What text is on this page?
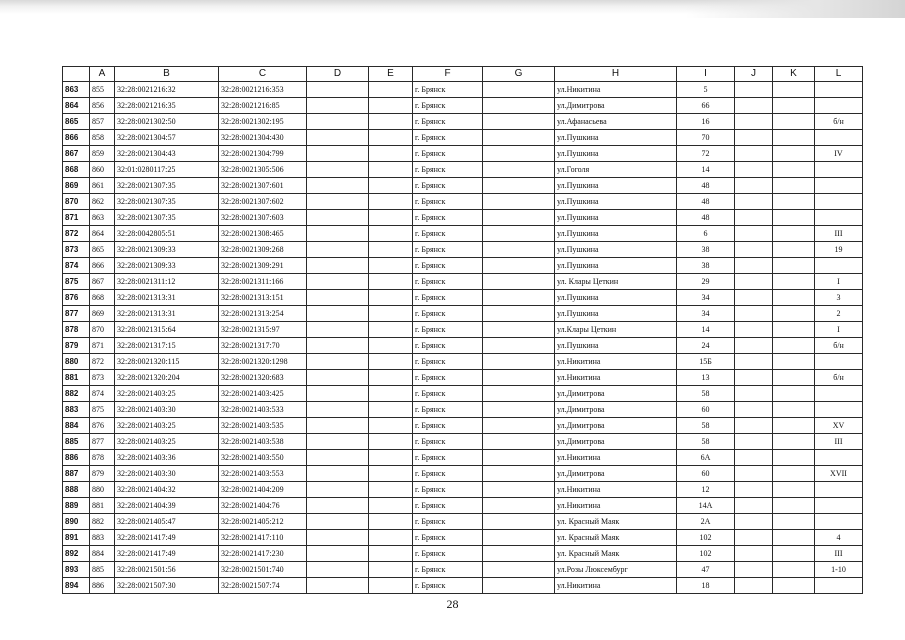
	A	B	C	D	E	F	G	H	I	J	K	L
863	855	32:28:0021216:32	32:28:0021216:353			г. Брянск		ул.Никитина	5			
864	856	32:28:0021216:35	32:28:0021216:85			г. Брянск		ул.Димитрова	66			
865	857	32:28:0021302:50	32:28:0021302:195			г. Брянск		ул.Афанасьева	16			б/н
866	858	32:28:0021304:57	32:28:0021304:430			г. Брянск		ул.Пушкина	70			
867	859	32:28:0021304:43	32:28:0021304:799			г. Брянск		ул.Пушкина	72			IV
868	860	32:01:0280117:25	32:28:0021305:506			г. Брянск		ул.Гоголя	14			
869	861	32:28:0021307:35	32:28:0021307:601			г. Брянск		ул.Пушкина	48			
870	862	32:28:0021307:35	32:28:0021307:602			г. Брянск		ул.Пушкина	48			
871	863	32:28:0021307:35	32:28:0021307:603			г. Брянск		ул.Пушкина	48			
872	864	32:28:0042805:51	32:28:0021308:465			г. Брянск		ул.Пушкина	6			III
873	865	32:28:0021309:33	32:28:0021309:268			г. Брянск		ул.Пушкина	38			19
874	866	32:28:0021309:33	32:28:0021309:291			г. Брянск		ул.Пушкина	38			
875	867	32:28:0021311:12	32:28:0021311:166			г. Брянск		ул. Клары Цеткин	29			I
876	868	32:28:0021313:31	32:28:0021313:151			г. Брянск		ул.Пушкина	34			3
877	869	32:28:0021313:31	32:28:0021313:254			г. Брянск		ул.Пушкина	34			2
878	870	32:28:0021315:64	32:28:0021315:97			г. Брянск		ул.Клары Цеткин	14			I
879	871	32:28:0021317:15	32:28:0021317:70			г. Брянск		ул.Пушкина	24			б/н
880	872	32:28:0021320:115	32:28:0021320:1298			г. Брянск		ул.Никитина	15Б			
881	873	32:28:0021320:204	32:28:0021320:683			г. Брянск		ул.Никитина	13			б/н
882	874	32:28:0021403:25	32:28:0021403:425			г. Брянск		ул.Димитрова	58			
883	875	32:28:0021403:30	32:28:0021403:533			г. Брянск		ул.Димитрова	60			
884	876	32:28:0021403:25	32:28:0021403:535			г. Брянск		ул.Димитрова	58			XV
885	877	32:28:0021403:25	32:28:0021403:538			г. Брянск		ул.Димитрова	58			III
886	878	32:28:0021403:36	32:28:0021403:550			г. Брянск		ул.Никитина	6А			
887	879	32:28:0021403:30	32:28:0021403:553			г. Брянск		ул.Димитрова	60			XVII
888	880	32:28:0021404:32	32:28:0021404:209			г. Брянск		ул.Никитина	12			
889	881	32:28:0021404:39	32:28:0021404:76			г. Брянск		ул.Никитина	14А			
890	882	32:28:0021405:47	32:28:0021405:212			г. Брянск		ул. Красный Маяк	2А			
891	883	32:28:0021417:49	32:28:0021417:110			г. Брянск		ул. Красный Маяк	102			4
892	884	32:28:0021417:49	32:28:0021417:230			г. Брянск		ул. Красный Маяк	102			III
893	885	32:28:0021501:56	32:28:0021501:740			г. Брянск		ул.Розы Люксембург	47			1-10
894	886	32:28:0021507:30	32:28:0021507:74			г. Брянск		ул.Никитина	18			
28
